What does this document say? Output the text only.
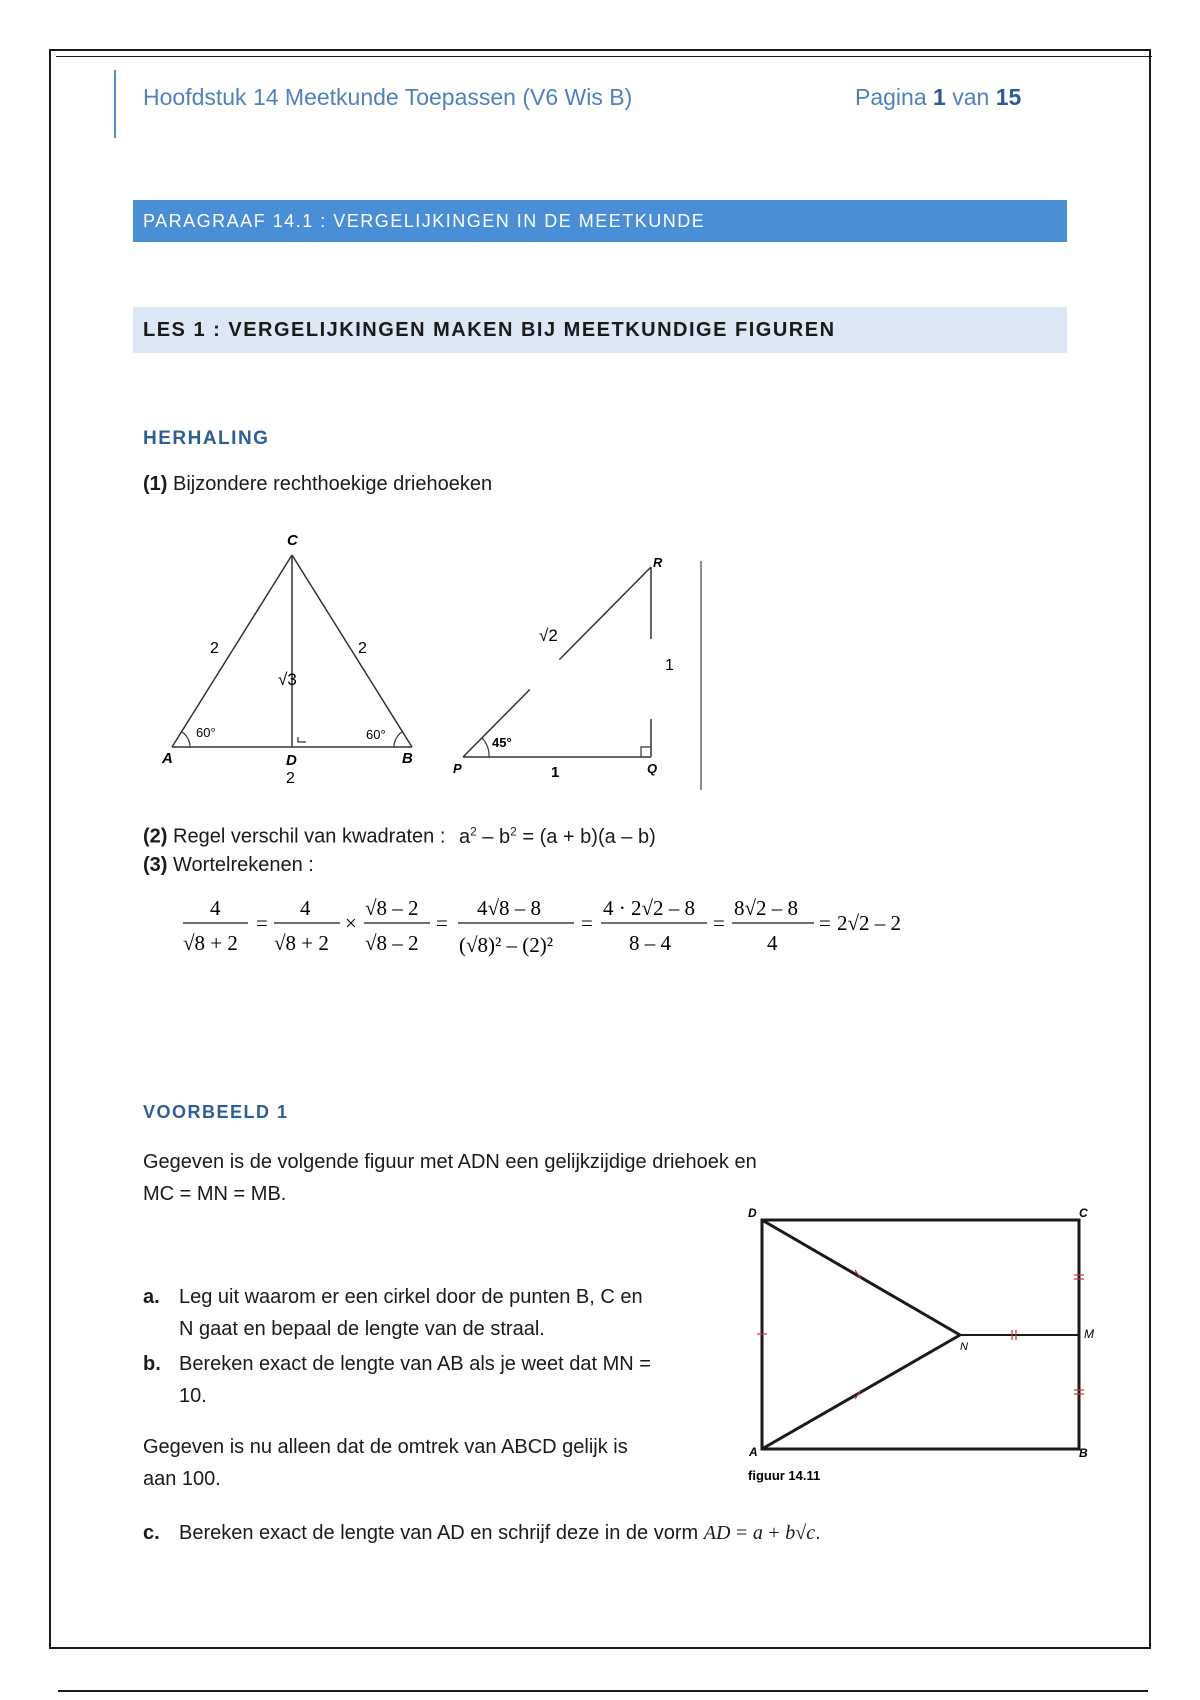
Hoofdstuk 14 Meetkunde Toepassen (V6 Wis B)	Pagina 1 van 15
PARAGRAAF 14.1 : VERGELIJKINGEN IN DE MEETKUNDE
LES 1 : VERGELIJKINGEN MAKEN BIJ MEETKUNDIGE FIGUREN
HERHALING
(1) Bijzondere rechthoekige driehoeken
C
A	B
D
2
2	2
√3
60°	60°
R
P	Q
√2
1
1
45°
(2) Regel verschil van kwadraten : $a^2 - b^2 = (a + b)(a - b)$
(3) Wortelrekenen :
4
√8 + 2
=
4
√8 + 2
×
√8 – 2
√8 – 2
=
4√8 – 8
(√8)² – (2)²
=
4 · 2√2 – 8
8 – 4
=
8√2 – 8
4
= 2√2 – 2
VOORBEELD 1
Gegeven is de volgende figuur met ADN een gelijkzijdige driehoek en
MC = MN = MB.
a. Leg uit waarom er een cirkel door de punten B, C en
N gaat en bepaal de lengte van de straal.
b. Bereken exact de lengte van AB als je weet dat MN =
10.
Gegeven is nu alleen dat de omtrek van ABCD gelijk is
aan 100.
c. Bereken exact de lengte van AD en schrijf deze in de vorm AD = a + b√c.
D	C
M
N
A	B
figuur 14.11
